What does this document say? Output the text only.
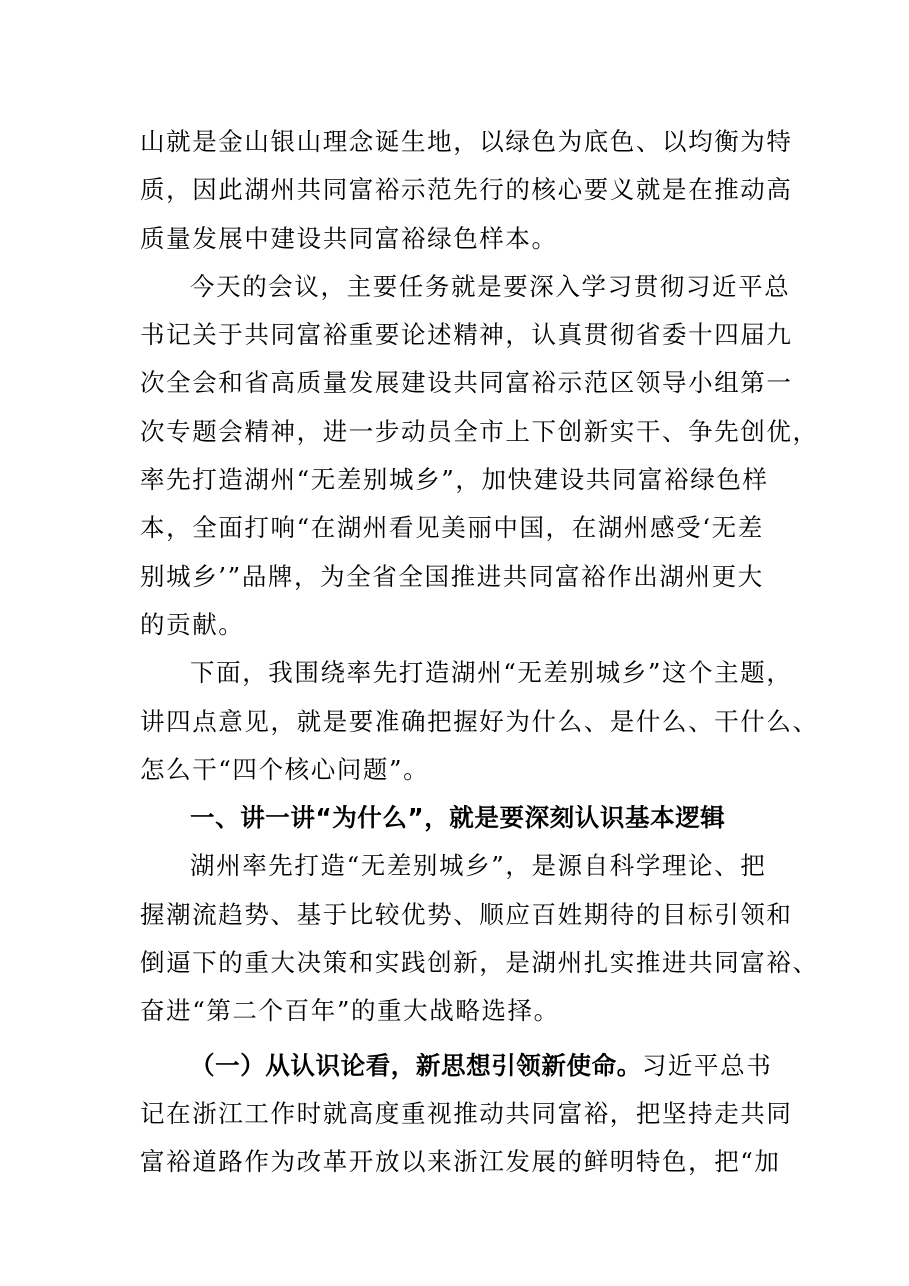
山就是金山银山理念诞生地，以绿色为底色、以均衡为特
质，因此湖州共同富裕示范先行的核心要义就是在推动高
质量发展中建设共同富裕绿色样本。
今天的会议，主要任务就是要深入学习贯彻习近平总
书记关于共同富裕重要论述精神，认真贯彻省委十四届九
次全会和省高质量发展建设共同富裕示范区领导小组第一
次专题会精神，进一步动员全市上下创新实干、争先创优，
率先打造湖州“无差别城乡”，加快建设共同富裕绿色样
本，全面打响“在湖州看见美丽中国，在湖州感受‘无差
别城乡’”品牌，为全省全国推进共同富裕作出湖州更大
的贡献。
下面，我围绕率先打造湖州“无差别城乡”这个主题，
讲四点意见，就是要准确把握好为什么、是什么、干什么、
怎么干“四个核心问题”。
一、讲一讲“为什么”，就是要深刻认识基本逻辑
湖州率先打造“无差别城乡”，是源自科学理论、把
握潮流趋势、基于比较优势、顺应百姓期待的目标引领和
倒逼下的重大决策和实践创新，是湖州扎实推进共同富裕、
奋进“第二个百年”的重大战略选择。
（一）从认识论看，新思想引领新使命。习近平总书
记在浙江工作时就高度重视推动共同富裕，把坚持走共同
富裕道路作为改革开放以来浙江发展的鲜明特色，把“加
